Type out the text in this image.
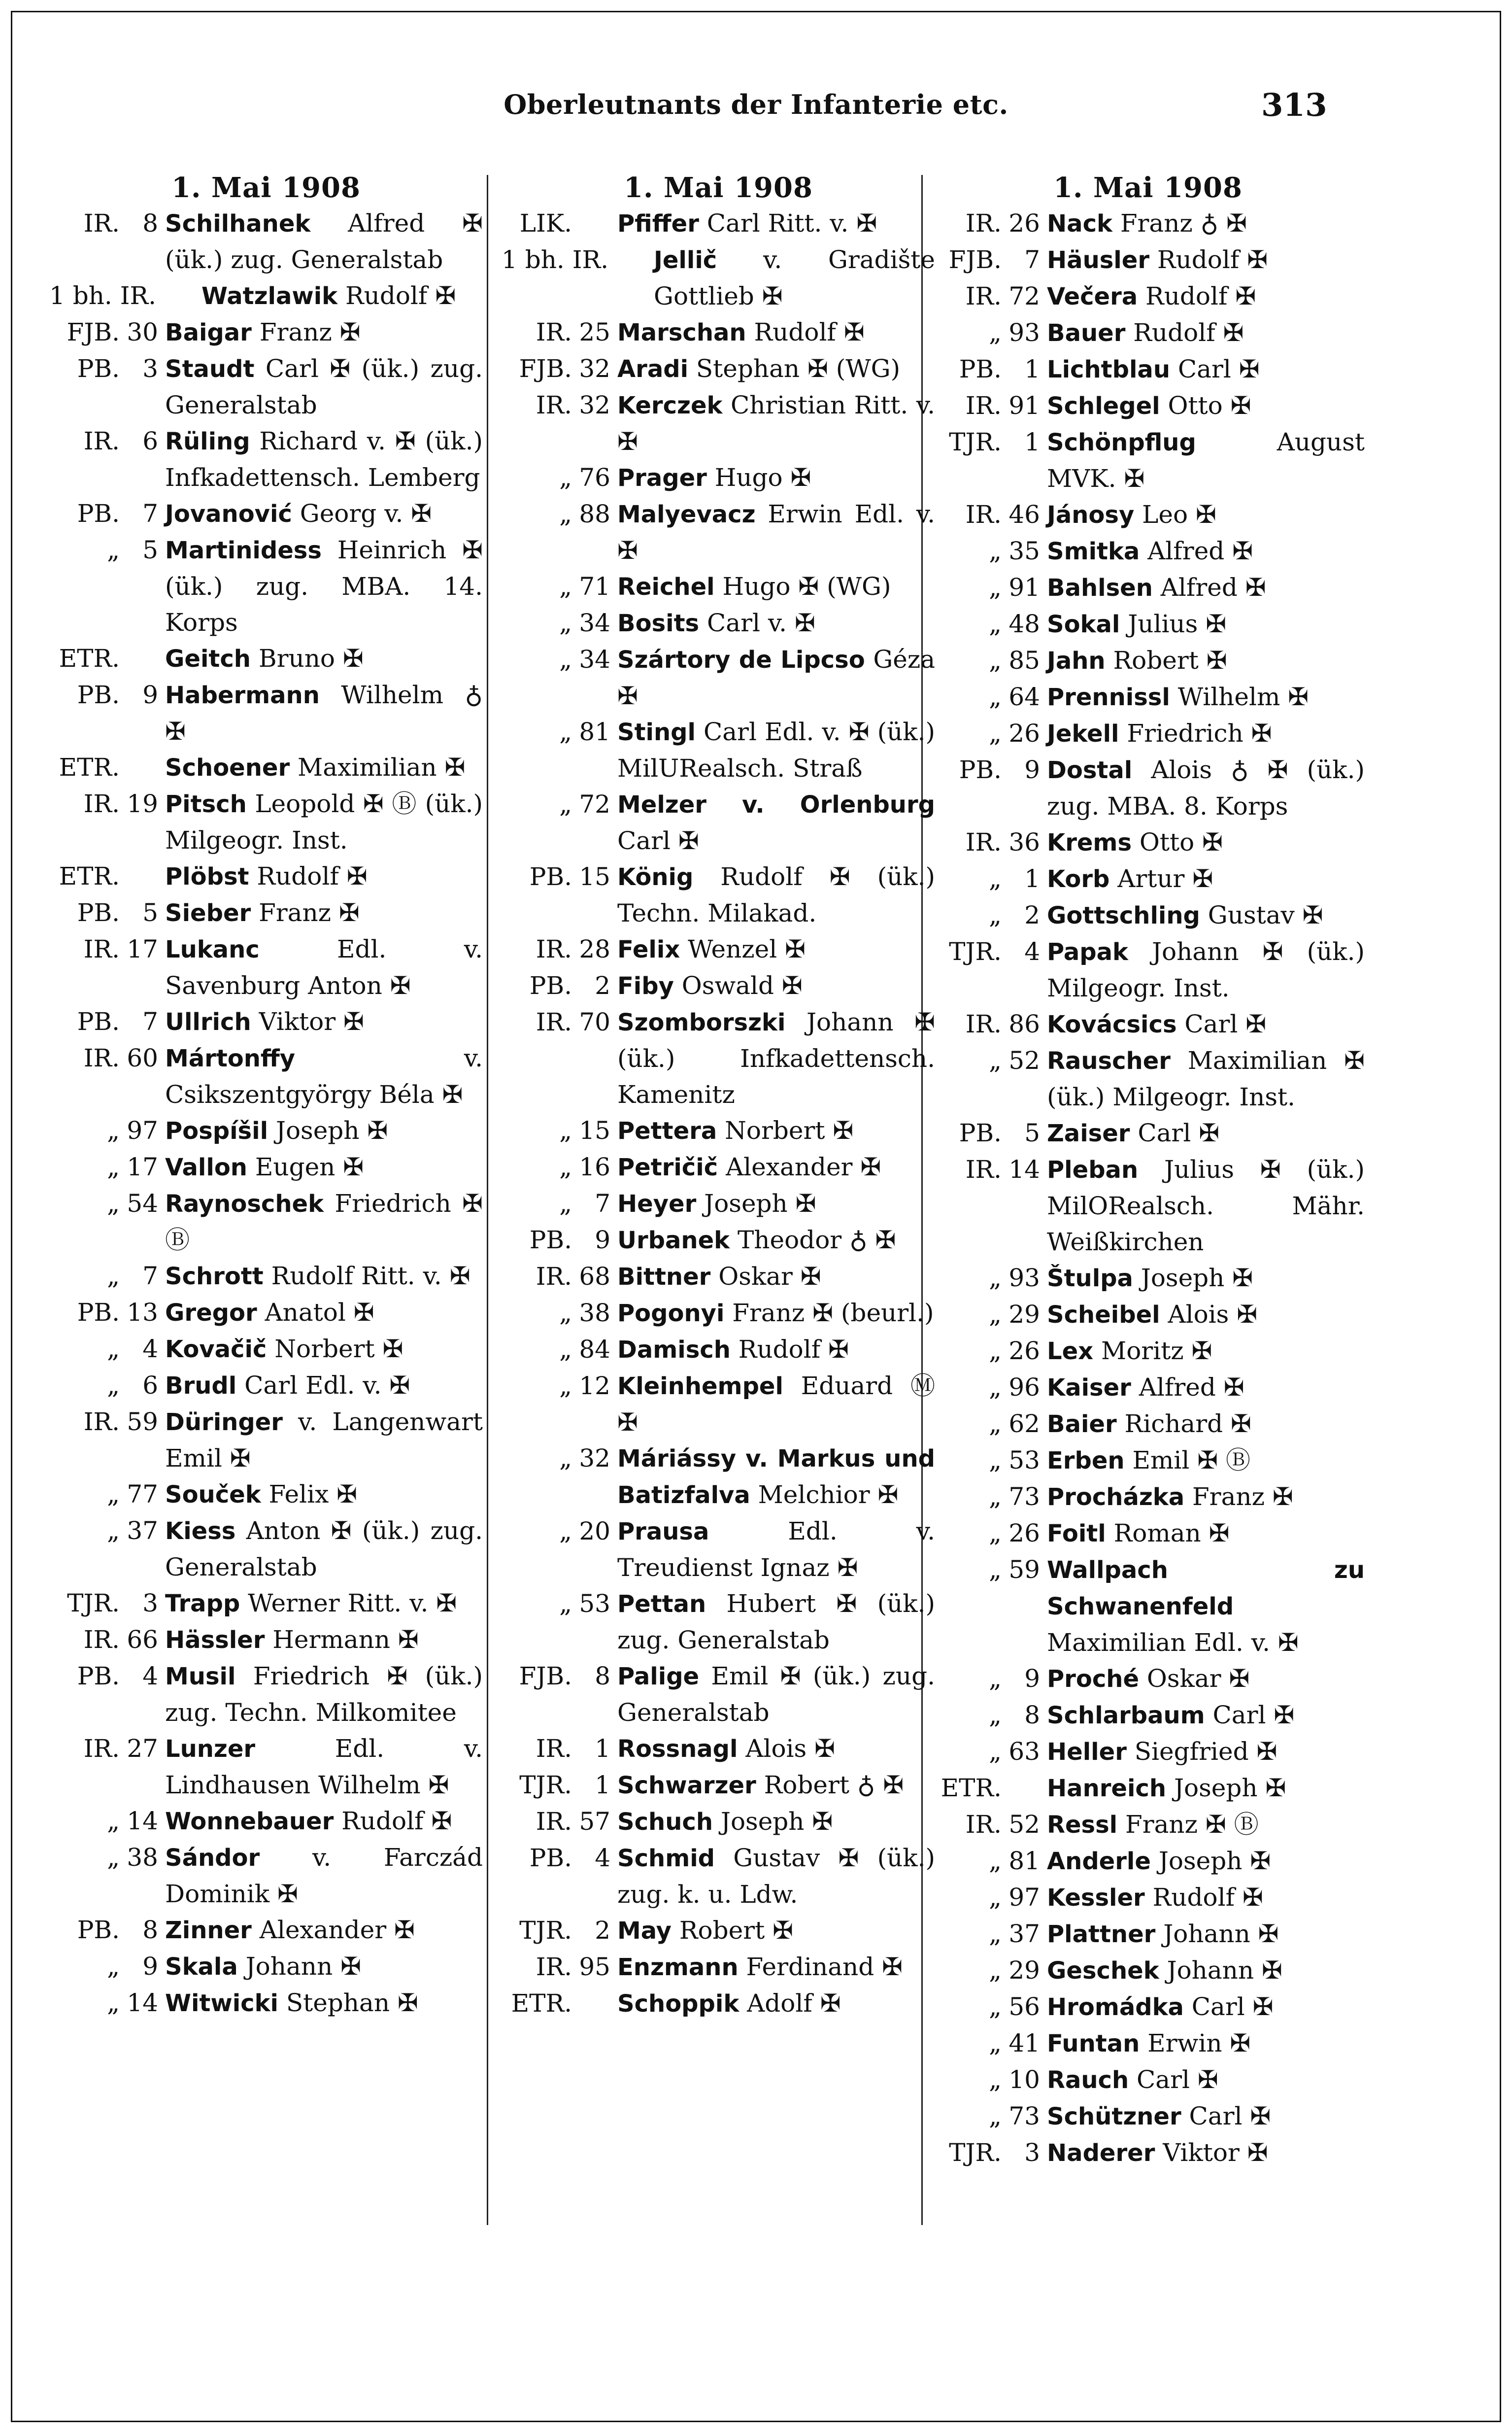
Oberleutnants der Infanterie etc.	313
1. Mai 1908
IR. 8 Schilhanek Alfred ✠ (ük.) zug. Generalstab
1 bh. IR. Watzlawik Rudolf ✠
FJB. 30 Baigar Franz ✠
PB. 3 Staudt Carl ✠ (ük.) zug. Generalstab
IR. 6 Rüling Richard v. ✠ (ük.) Infkadettensch. Lemberg
PB. 7 Jovanović Georg v. ✠
„ 5 Martinidess Heinrich ✠ (ük.) zug. MBA. 14. Korps
ETR. Geitch Bruno ✠
PB. 9 Habermann Wilhelm ♁ ✠
ETR. Schoener Maximilian ✠
IR. 19 Pitsch Leopold ✠ Ⓑ (ük.) Milgeogr. Inst.
ETR. Plöbst Rudolf ✠
PB. 5 Sieber Franz ✠
IR. 17 Lukanc Edl. v. Savenburg Anton ✠
PB. 7 Ullrich Viktor ✠
IR. 60 Mártonffy v. Csikszentgyörgy Béla ✠
„ 97 Pospíšil Joseph ✠
„ 17 Vallon Eugen ✠
„ 54 Raynoschek Friedrich ✠ Ⓑ
„ 7 Schrott Rudolf Ritt. v. ✠
PB. 13 Gregor Anatol ✠
„ 4 Kovačič Norbert ✠
„ 6 Brudl Carl Edl. v. ✠
IR. 59 Düringer v. Langenwart Emil ✠
„ 77 Souček Felix ✠
„ 37 Kiess Anton ✠ (ük.) zug. Generalstab
TJR. 3 Trapp Werner Ritt. v. ✠
IR. 66 Hässler Hermann ✠
PB. 4 Musil Friedrich ✠ (ük.) zug. Techn. Milkomitee
IR. 27 Lunzer Edl. v. Lindhausen Wilhelm ✠
„ 14 Wonnebauer Rudolf ✠
„ 38 Sándor v. Farczád Dominik ✠
PB. 8 Zinner Alexander ✠
„ 9 Skala Johann ✠
„ 14 Witwicki Stephan ✠
1. Mai 1908
LIK. Pfiffer Carl Ritt. v. ✠
1 bh. IR. Jellič v. Gradište Gottlieb ✠
IR. 25 Marschan Rudolf ✠
FJB. 32 Aradi Stephan ✠ (WG)
IR. 32 Kerczek Christian Ritt. v. ✠
„ 76 Prager Hugo ✠
„ 88 Malyevacz Erwin Edl. v. ✠
„ 71 Reichel Hugo ✠ (WG)
„ 34 Bosits Carl v. ✠
„ 34 Szártory de Lipcso Géza ✠
„ 81 Stingl Carl Edl. v. ✠ (ük.) MilURealsch. Straß
„ 72 Melzer v. Orlenburg Carl ✠
PB. 15 König Rudolf ✠ (ük.) Techn. Milakad.
IR. 28 Felix Wenzel ✠
PB. 2 Fiby Oswald ✠
IR. 70 Szomborszki Johann ✠ (ük.) Infkadettensch. Kamenitz
„ 15 Pettera Norbert ✠
„ 16 Petričič Alexander ✠
„ 7 Heyer Joseph ✠
PB. 9 Urbanek Theodor ♁ ✠
IR. 68 Bittner Oskar ✠
„ 38 Pogonyi Franz ✠ (beurl.)
„ 84 Damisch Rudolf ✠
„ 12 Kleinhempel Eduard Ⓜ ✠
„ 32 Máriássy v. Markus und Batizfalva Melchior ✠
„ 20 Prausa Edl. v. Treudienst Ignaz ✠
„ 53 Pettan Hubert ✠ (ük.) zug. Generalstab
FJB. 8 Palige Emil ✠ (ük.) zug. Generalstab
IR. 1 Rossnagl Alois ✠
TJR. 1 Schwarzer Robert ♁ ✠
IR. 57 Schuch Joseph ✠
PB. 4 Schmid Gustav ✠ (ük.) zug. k. u. Ldw.
TJR. 2 May Robert ✠
IR. 95 Enzmann Ferdinand ✠
ETR. Schoppik Adolf ✠
1. Mai 1908
IR. 26 Nack Franz ♁ ✠
FJB. 7 Häusler Rudolf ✠
IR. 72 Večera Rudolf ✠
„ 93 Bauer Rudolf ✠
PB. 1 Lichtblau Carl ✠
IR. 91 Schlegel Otto ✠
TJR. 1 Schönpflug August MVK. ✠
IR. 46 Jánosy Leo ✠
„ 35 Smitka Alfred ✠
„ 91 Bahlsen Alfred ✠
„ 48 Sokal Julius ✠
„ 85 Jahn Robert ✠
„ 64 Prennissl Wilhelm ✠
„ 26 Jekell Friedrich ✠
PB. 9 Dostal Alois ♁ ✠ (ük.) zug. MBA. 8. Korps
IR. 36 Krems Otto ✠
„ 1 Korb Artur ✠
„ 2 Gottschling Gustav ✠
TJR. 4 Papak Johann ✠ (ük.) Milgeogr. Inst.
IR. 86 Kovácsics Carl ✠
„ 52 Rauscher Maximilian ✠ (ük.) Milgeogr. Inst.
PB. 5 Zaiser Carl ✠
IR. 14 Pleban Julius ✠ (ük.) MilORealsch. Mähr. Weißkirchen
„ 93 Štulpa Joseph ✠
„ 29 Scheibel Alois ✠
„ 26 Lex Moritz ✠
„ 96 Kaiser Alfred ✠
„ 62 Baier Richard ✠
„ 53 Erben Emil ✠ Ⓑ
„ 73 Procházka Franz ✠
„ 26 Foitl Roman ✠
„ 59 Wallpach zu Schwanenfeld Maximilian Edl. v. ✠
„ 9 Proché Oskar ✠
„ 8 Schlarbaum Carl ✠
„ 63 Heller Siegfried ✠
ETR. Hanreich Joseph ✠
IR. 52 Ressl Franz ✠ Ⓑ
„ 81 Anderle Joseph ✠
„ 97 Kessler Rudolf ✠
„ 37 Plattner Johann ✠
„ 29 Geschek Johann ✠
„ 56 Hromádka Carl ✠
„ 41 Funtan Erwin ✠
„ 10 Rauch Carl ✠
„ 73 Schützner Carl ✠
TJR. 3 Naderer Viktor ✠
